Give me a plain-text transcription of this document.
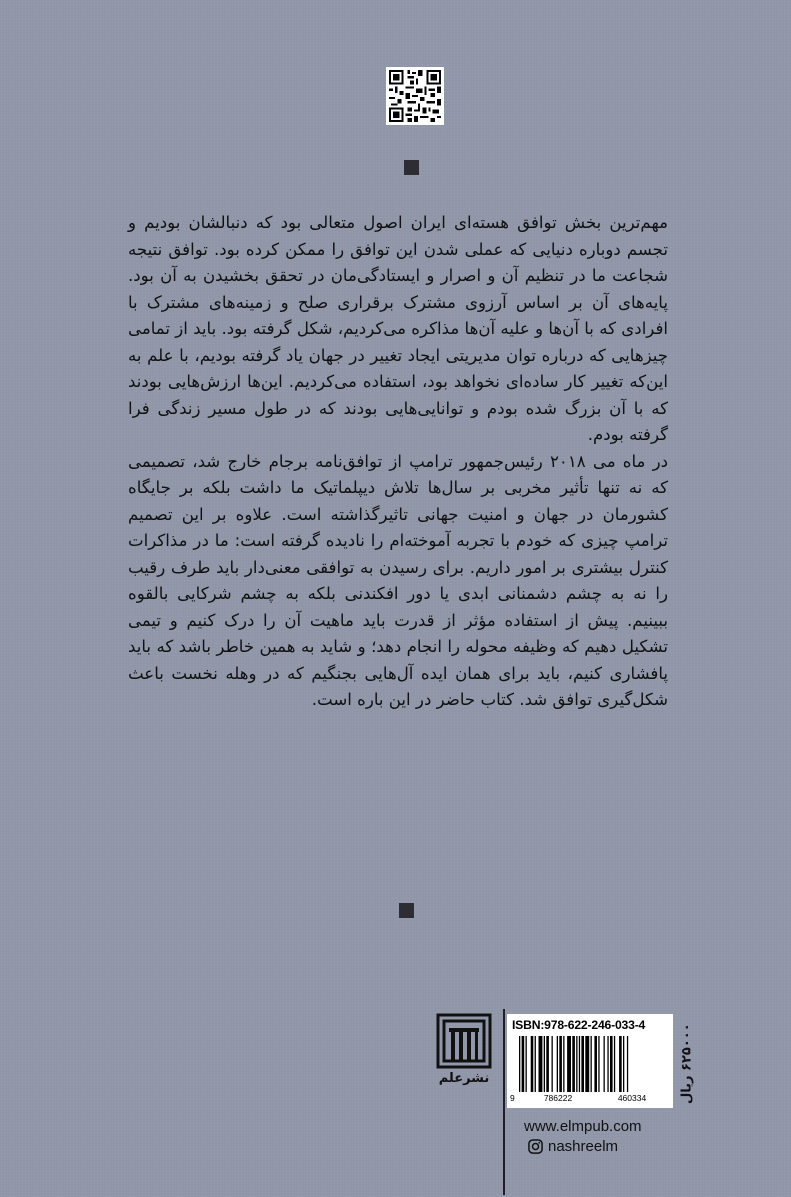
مهم‌ترین بخش توافق هسته‌ای ایران اصول متعالی بود که دنبالشان بودیم و تجسم دوباره دنیایی که عملی شدن این توافق را ممکن کرده بود. توافق نتیجه شجاعت ما در تنظیم آن و اصرار و ایستادگی‌مان در تحقق بخشیدن به آن بود. پایه‌های آن بر اساس آرزوی مشترک برقراری صلح و زمینه‌های مشترک با افرادی که با آن‌ها و علیه آن‌ها مذاکره می‌کردیم، شکل گرفته بود. باید از تمامی چیزهایی که درباره توان مدیریتی ایجاد تغییر در جهان یاد گرفته بودیم، با علم به این‌که تغییر کار ساده‌ای نخواهد بود، استفاده می‌کردیم. این‌ها ارزش‌هایی بودند که با آن بزرگ شده بودم و توانایی‌هایی بودند که در طول مسیر زندگی فرا گرفته بودم.

در ماه می ۲۰۱۸ رئیس‌جمهور ترامپ از توافق‌نامه برجام خارج شد، تصمیمی که نه تنها تأثیر مخربی بر سال‌ها تلاش دیپلماتیک ما داشت بلکه بر جایگاه کشورمان در جهان و امنیت جهانی تاثیرگذاشته است. علاوه بر این تصمیم ترامپ چیزی که خودم با تجربه آموخته‌ام را نادیده گرفته است: ما در مذاکرات کنترل بیشتری بر امور داریم. برای رسیدن به توافقی معنی‌دار باید طرف رقیب را نه به چشم دشمنانی ابدی یا دور افکندنی بلکه به چشم شرکایی بالقوه ببینیم. پیش از استفاده مؤثر از قدرت باید ماهیت آن را درک کنیم و تیمی تشکیل دهیم که وظیفه محوله را انجام دهد؛ و شاید به همین خاطر باشد که باید پافشاری کنیم، باید برای همان ایده آل‌هایی بجنگیم که در وهله نخست باعث شکل‌گیری توافق شد. کتاب حاضر در این باره است.

نشرعلم
ISBN:978-622-246-033-4
9	786222	460334	۶۲۵۰۰۰ ریال
www.elmpub.com
nashreelm
